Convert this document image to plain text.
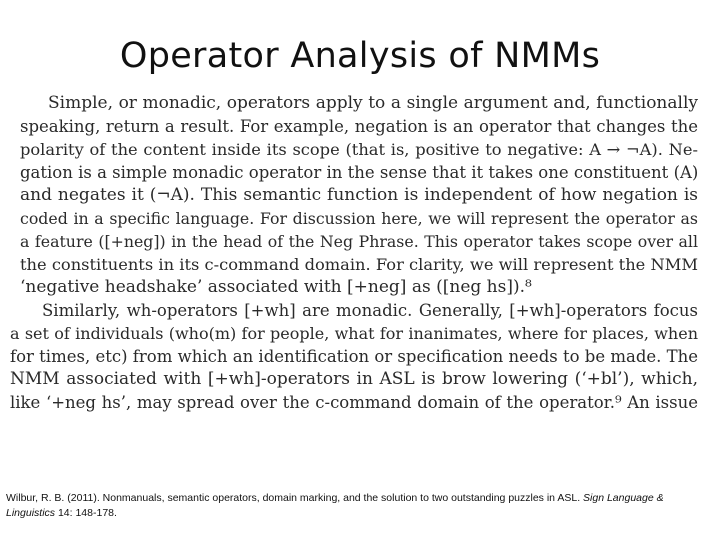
Operator Analysis of NMMs
Simple, or monadic, operators apply to a single argument and, functionally
speaking, return a result. For example, negation is an operator that changes the
polarity of the content inside its scope (that is, positive to negative: A → ¬A). Ne-
gation is a simple monadic operator in the sense that it takes one constituent (A)
and negates it (¬A). This semantic function is independent of how negation is
coded in a specific language. For discussion here, we will represent the operator as
a feature ([+neg]) in the head of the Neg Phrase. This operator takes scope over all
the constituents in its c-command domain. For clarity, we will represent the NMM
‘negative headshake’ associated with [+neg] as ([neg hs]).⁸
Similarly, wh-operators [+wh] are monadic. Generally, [+wh]-operators focus
a set of individuals (who(m) for people, what for inanimates, where for places, when
for times, etc) from which an identification or specification needs to be made. The
NMM associated with [+wh]-operators in ASL is brow lowering (‘+bl’), which,
like ‘+neg hs’, may spread over the c-command domain of the operator.⁹ An issue
Wilbur, R. B. (2011). Nonmanuals, semantic operators, domain marking, and the solution to two outstanding puzzles in ASL. Sign Language & Linguistics 14: 148-178.
